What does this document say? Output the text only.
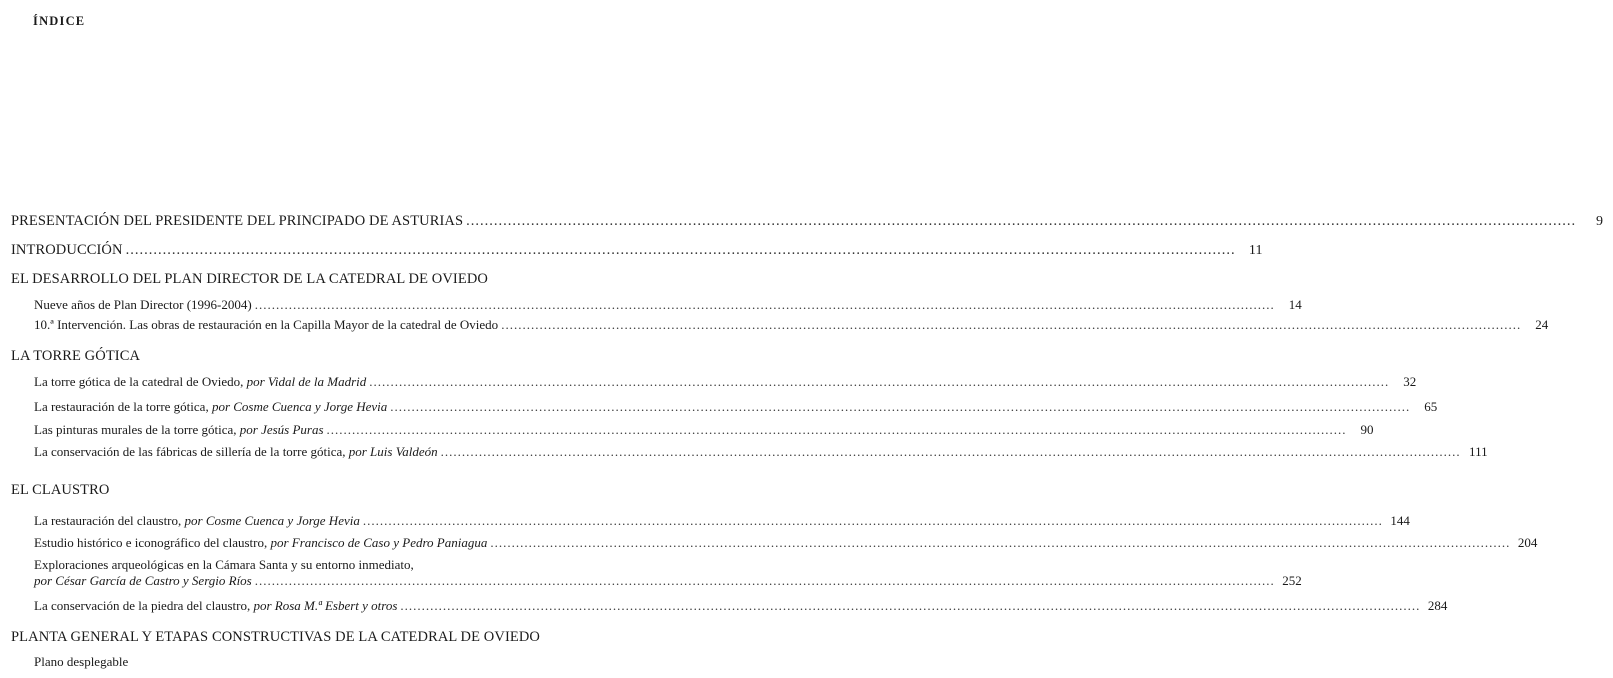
ÍNDICE
PRESENTACIÓN DEL PRESIDENTE DEL PRINCIPADO DE ASTURIAS .....	9
INTRODUCCIÓN .....	11
EL DESARROLLO DEL PLAN DIRECTOR DE LA CATEDRAL DE OVIEDO
Nueve años de Plan Director (1996-2004) .....	14
10.ª Intervención. Las obras de restauración en la Capilla Mayor de la catedral de Oviedo .....	24
LA TORRE GÓTICA
La torre gótica de la catedral de Oviedo, por Vidal de la Madrid .....	32
La restauración de la torre gótica, por Cosme Cuenca y Jorge Hevia .....	65
Las pinturas murales de la torre gótica, por Jesús Puras .....	90
La conservación de las fábricas de sillería de la torre gótica, por Luis Valdeón .....	111
EL CLAUSTRO
La restauración del claustro, por Cosme Cuenca y Jorge Hevia .....	144
Estudio histórico e iconográfico del claustro, por Francisco de Caso y Pedro Paniagua .....	204
Exploraciones arqueológicas en la Cámara Santa y su entorno inmediato,
por César García de Castro y Sergio Ríos .....	252
La conservación de la piedra del claustro, por Rosa M.ª Esbert y otros .....	284
PLANTA GENERAL Y ETAPAS CONSTRUCTIVAS DE LA CATEDRAL DE OVIEDO
Plano desplegable
